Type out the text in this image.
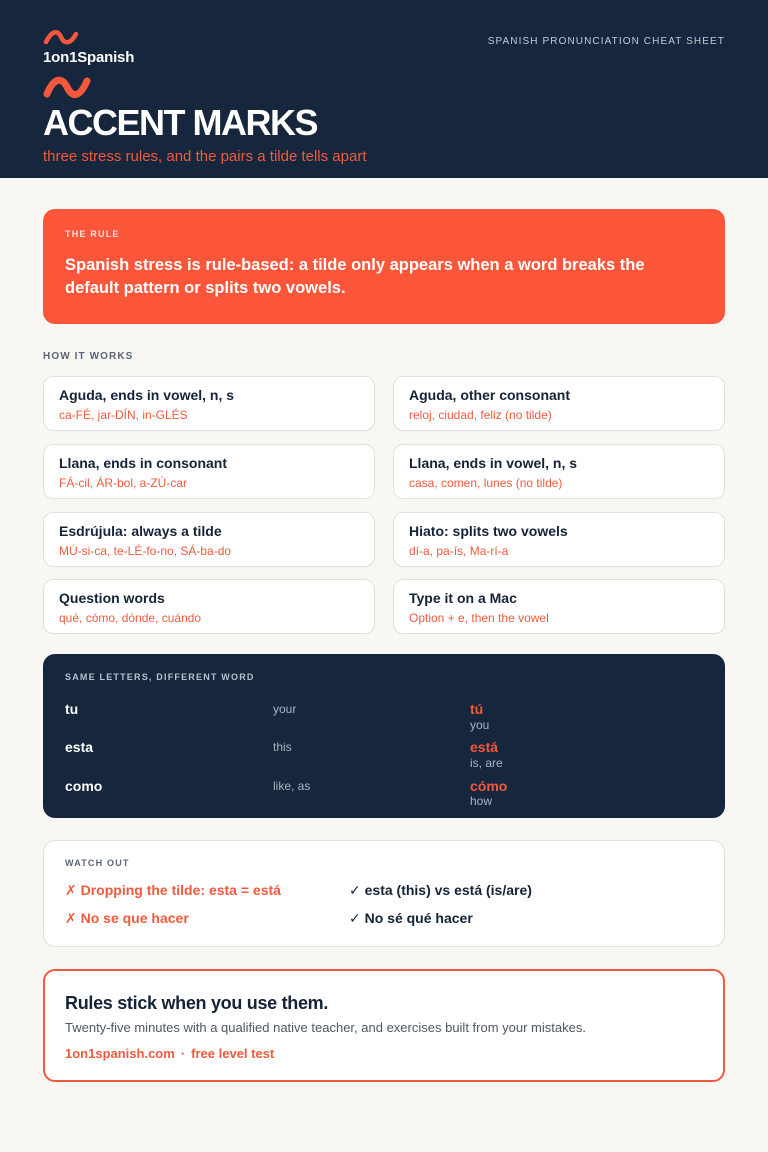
1on1Spanish
SPANISH PRONUNCIATION CHEAT SHEET
ACCENT MARKS
three stress rules, and the pairs a tilde tells apart
THE RULE
Spanish stress is rule-based: a tilde only appears when a word breaks the default pattern or splits two vowels.
HOW IT WORKS
Aguda, ends in vowel, n, s
ca-FÉ, jar-DÍN, in-GLÉS
Aguda, other consonant
reloj, ciudad, feliz (no tilde)
Llana, ends in consonant
FÁ-cil, ÁR-bol, a-ZÚ-car
Llana, ends in vowel, n, s
casa, comen, lunes (no tilde)
Esdrújula: always a tilde
MÚ-si-ca, te-LÉ-fo-no, SÁ-ba-do
Hiato: splits two vowels
dí-a, pa-ís, Ma-rí-a
Question words
qué, cómo, dónde, cuándo
Type it on a Mac
Option + e, then the vowel
SAME LETTERS, DIFFERENT WORD
tu	your	tú
you
esta	this	está
is, are
como	like, as	cómo
how
WATCH OUT
✗ Dropping the tilde: esta = está	✓ esta (this) vs está (is/are)
✗ No se que hacer	✓ No sé qué hacer
Rules stick when you use them.
Twenty-five minutes with a qualified native teacher, and exercises built from your mistakes.
1on1spanish.com · free level test
